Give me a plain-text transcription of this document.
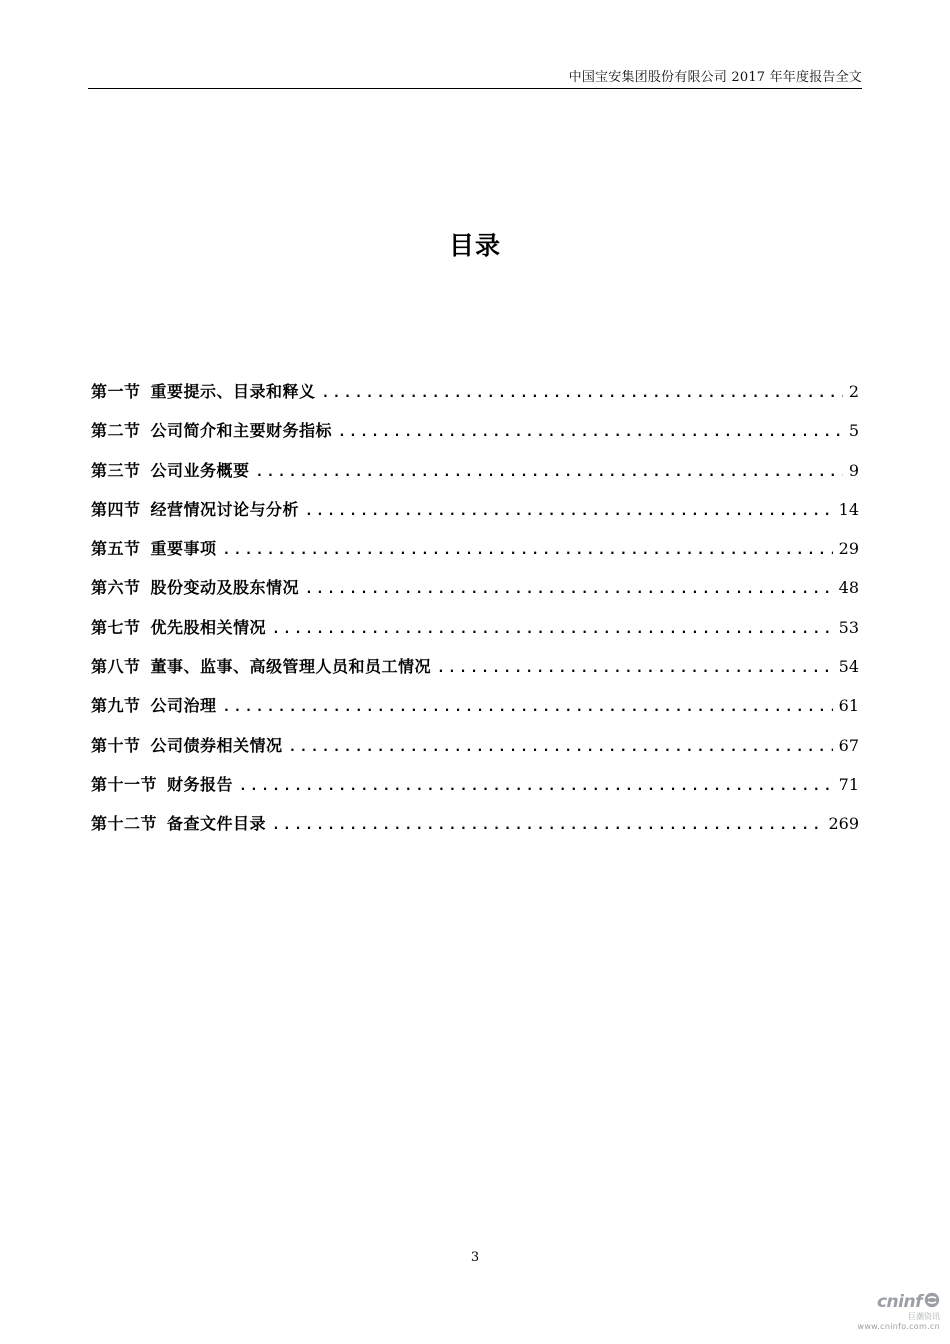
中国宝安集团股份有限公司 2017 年年度报告全文
目录
第一节 重要提示、目录和释义 .....	2
第二节 公司简介和主要财务指标 .....	5
第三节 公司业务概要 .....	9
第四节 经营情况讨论与分析 .....	14
第五节 重要事项 .....	29
第六节 股份变动及股东情况 .....	48
第七节 优先股相关情况 .....	53
第八节 董事、监事、高级管理人员和员工情况 .....	54
第九节 公司治理 .....	61
第十节 公司债券相关情况 .....	67
第十一节 财务报告 .....	71
第十二节 备查文件目录 .....	269
3
cninf
巨潮资讯
www.cninfo.com.cn
